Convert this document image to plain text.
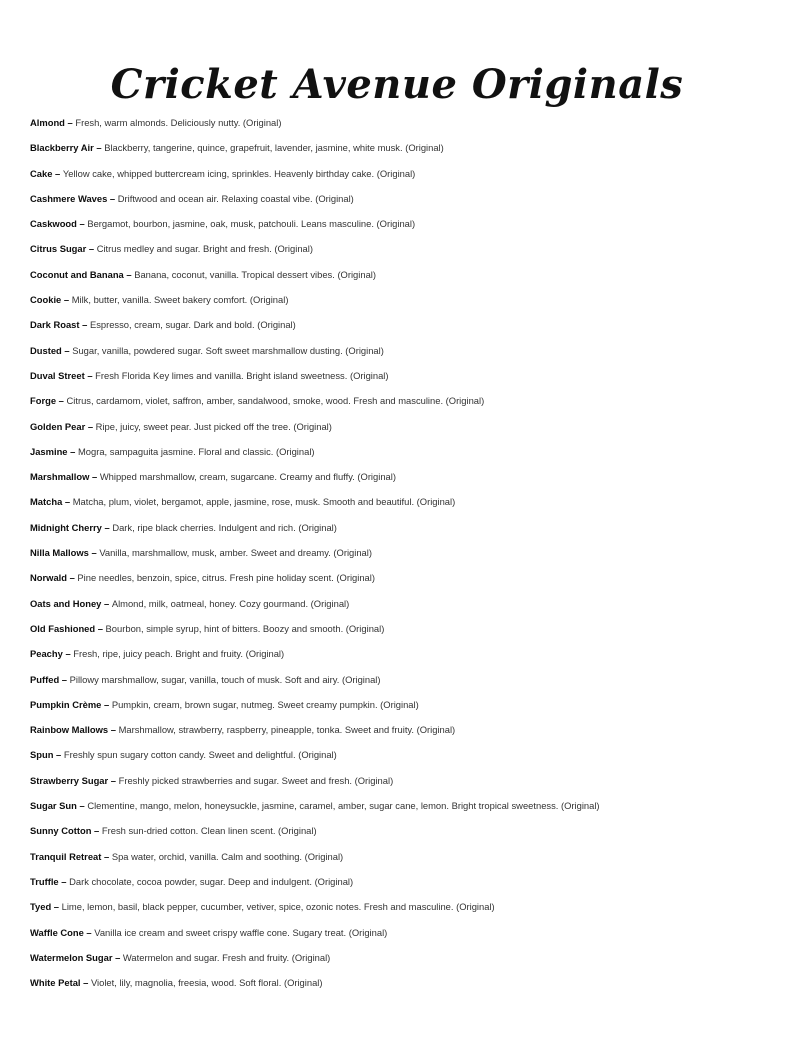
Cricket Avenue Originals
Almond – Fresh, warm almonds. Deliciously nutty. (Original)
Blackberry Air – Blackberry, tangerine, quince, grapefruit, lavender, jasmine, white musk. (Original)
Cake – Yellow cake, whipped buttercream icing, sprinkles. Heavenly birthday cake. (Original)
Cashmere Waves – Driftwood and ocean air. Relaxing coastal vibe. (Original)
Caskwood – Bergamot, bourbon, jasmine, oak, musk, patchouli. Leans masculine. (Original)
Citrus Sugar – Citrus medley and sugar. Bright and fresh. (Original)
Coconut and Banana – Banana, coconut, vanilla. Tropical dessert vibes. (Original)
Cookie – Milk, butter, vanilla. Sweet bakery comfort. (Original)
Dark Roast – Espresso, cream, sugar. Dark and bold. (Original)
Dusted – Sugar, vanilla, powdered sugar. Soft sweet marshmallow dusting. (Original)
Duval Street – Fresh Florida Key limes and vanilla. Bright island sweetness. (Original)
Forge – Citrus, cardamom, violet, saffron, amber, sandalwood, smoke, wood. Fresh and masculine. (Original)
Golden Pear – Ripe, juicy, sweet pear. Just picked off the tree. (Original)
Jasmine – Mogra, sampaguita jasmine. Floral and classic. (Original)
Marshmallow – Whipped marshmallow, cream, sugarcane. Creamy and fluffy. (Original)
Matcha – Matcha, plum, violet, bergamot, apple, jasmine, rose, musk. Smooth and beautiful. (Original)
Midnight Cherry – Dark, ripe black cherries. Indulgent and rich. (Original)
Nilla Mallows – Vanilla, marshmallow, musk, amber. Sweet and dreamy. (Original)
Norwald – Pine needles, benzoin, spice, citrus. Fresh pine holiday scent. (Original)
Oats and Honey – Almond, milk, oatmeal, honey. Cozy gourmand. (Original)
Old Fashioned – Bourbon, simple syrup, hint of bitters. Boozy and smooth. (Original)
Peachy – Fresh, ripe, juicy peach. Bright and fruity. (Original)
Puffed – Pillowy marshmallow, sugar, vanilla, touch of musk. Soft and airy. (Original)
Pumpkin Crème – Pumpkin, cream, brown sugar, nutmeg. Sweet creamy pumpkin. (Original)
Rainbow Mallows – Marshmallow, strawberry, raspberry, pineapple, tonka. Sweet and fruity. (Original)
Spun – Freshly spun sugary cotton candy. Sweet and delightful. (Original)
Strawberry Sugar – Freshly picked strawberries and sugar. Sweet and fresh. (Original)
Sugar Sun – Clementine, mango, melon, honeysuckle, jasmine, caramel, amber, sugar cane, lemon. Bright tropical sweetness. (Original)
Sunny Cotton – Fresh sun-dried cotton. Clean linen scent. (Original)
Tranquil Retreat – Spa water, orchid, vanilla. Calm and soothing. (Original)
Truffle – Dark chocolate, cocoa powder, sugar. Deep and indulgent. (Original)
Tyed – Lime, lemon, basil, black pepper, cucumber, vetiver, spice, ozonic notes. Fresh and masculine. (Original)
Waffle Cone – Vanilla ice cream and sweet crispy waffle cone. Sugary treat. (Original)
Watermelon Sugar – Watermelon and sugar. Fresh and fruity. (Original)
White Petal – Violet, lily, magnolia, freesia, wood. Soft floral. (Original)
